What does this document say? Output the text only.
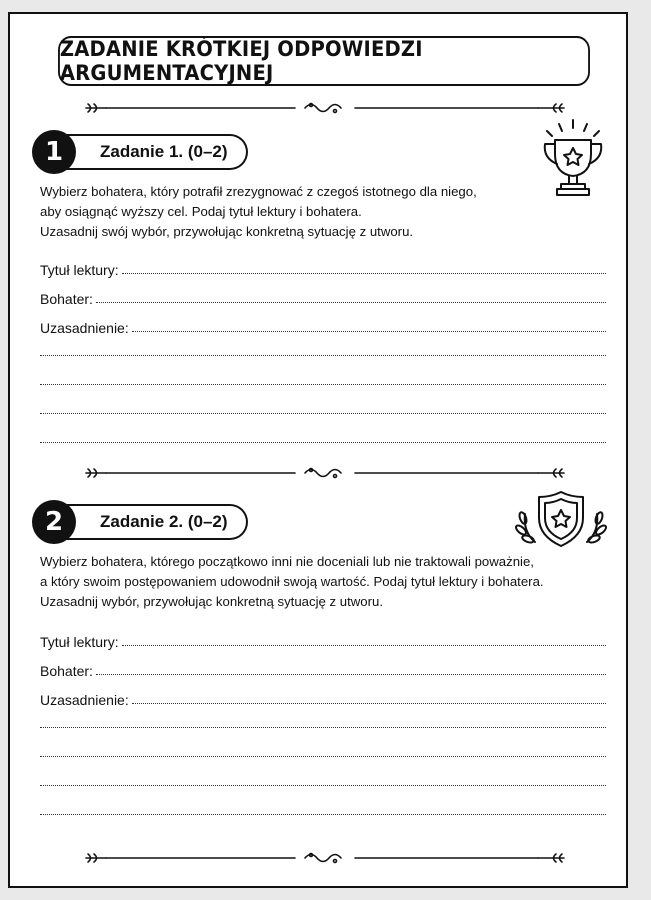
ZADANIE KRÓTKIEJ ODPOWIEDZI ARGUMENTACYJNEJ
1	Zadanie 1. (0–2)

Wybierz bohatera, który potrafił zrezygnować z czegoś istotnego dla niego,
aby osiągnąć wyższy cel. Podaj tytuł lektury i bohatera.
Uzasadnij swój wybór, przywołując konkretną sytuację z utworu.

Tytuł lektury:
Bohater:
Uzasadnienie:
2	Zadanie 2. (0–2)

Wybierz bohatera, którego początkowo inni nie doceniali lub nie traktowali poważnie,
a który swoim postępowaniem udowodnił swoją wartość. Podaj tytuł lektury i bohatera.
Uzasadnij wybór, przywołując konkretną sytuację z utworu.

Tytuł lektury:
Bohater:
Uzasadnienie:
